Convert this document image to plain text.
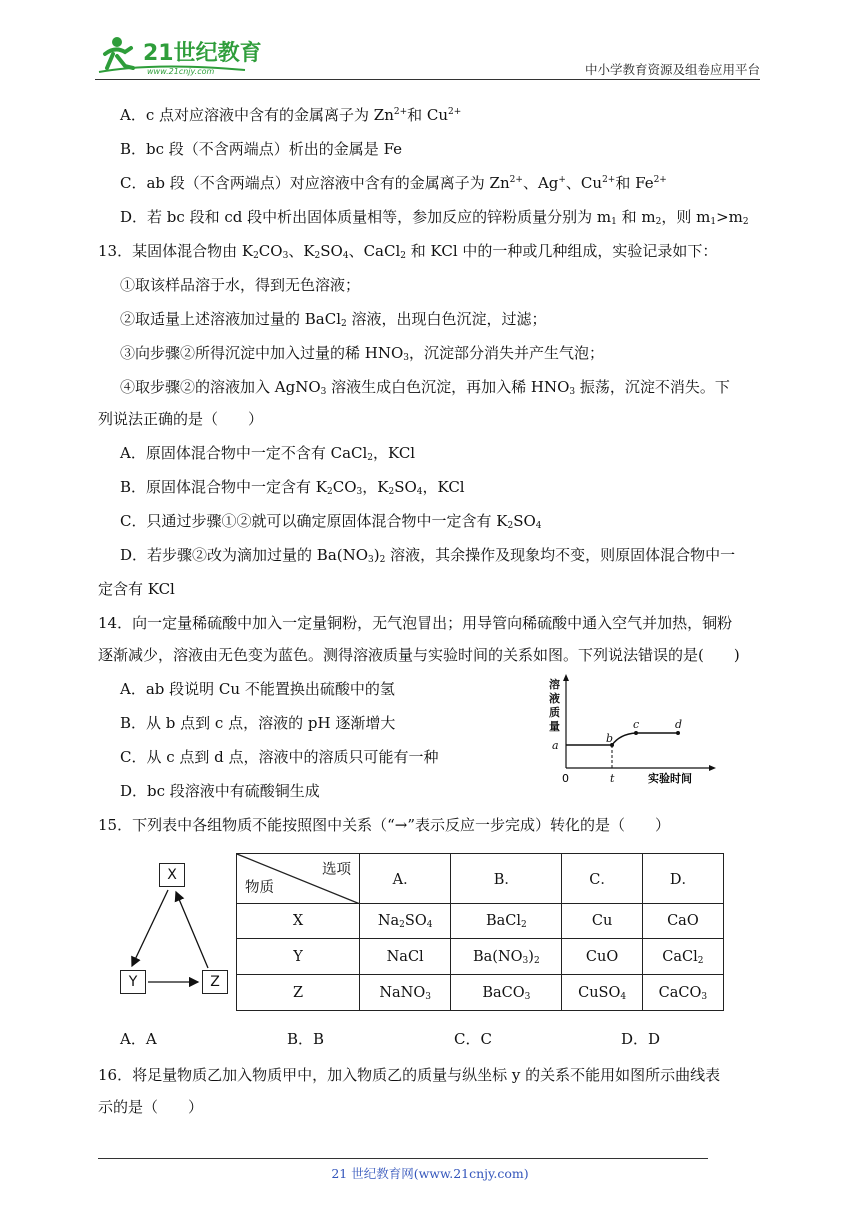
21世纪教育
www.21cnjy.com	中小学教育资源及组卷应用平台
A．c 点对应溶液中含有的金属离子为 $Zn^{2+}$和 $Cu^{2+}$
B．bc 段（不含两端点）析出的金属是 Fe
C．ab 段（不含两端点）对应溶液中含有的金属离子为 $Zn^{2+}$、Ag+、$Cu^{2+}$和 $Fe^{2+}$
D．若 bc 段和 cd 段中析出固体质量相等，参加反应的锌粉质量分别为 $m_1$ 和 $m_2$，则 $m_1>m_2$
13．某固体混合物由 $K_2CO_3$、$K_2SO_4$、CaCl$_2$ 和 KCl 中的一种或几种组成，实验记录如下：
①取该样品溶于水，得到无色溶液；
②取适量上述溶液加过量的 BaCl$_2$ 溶液，出现白色沉淀，过滤；
③向步骤②所得沉淀中加入过量的稀 $HNO_3$，沉淀部分消失并产生气泡；
④取步骤②的溶液加入 AgNO$_3$ 溶液生成白色沉淀，再加入稀 $HNO_3$ 振荡，沉淀不消失。下
列说法正确的是（　　）
A．原固体混合物中一定不含有 CaCl$_2$，KCl
B．原固体混合物中一定含有 $K_2CO_3$，$K_2SO_4$，KCl
C．只通过步骤①②就可以确定原固体混合物中一定含有 $K_2SO_4$
D．若步骤②改为滴加过量的 $Ba(NO_3)_2$ 溶液，其余操作及现象均不变，则原固体混合物中一
定含有 KCl
14．向一定量稀硫酸中加入一定量铜粉，无气泡冒出；用导管向稀硫酸中通入空气并加热，铜粉
逐渐减少，溶液由无色变为蓝色。测得溶液质量与实验时间的关系如图。下列说法错误的是(　　)
A．ab 段说明 Cu 不能置换出硫酸中的氢
B．从 b 点到 c 点，溶液的 pH 逐渐增大
C．从 c 点到 d 点，溶液中的溶质只可能有一种
D．bc 段溶液中有硫酸铜生成
溶
液
质
量
a
b
c	d
t
0	实验时间
15．下列表中各组物质不能按照图中关系（“→”表示反应一步完成）转化的是（　　）
X
Y	Z
选项
物质	A．	B．	C．	D．
X	$Na_2SO_4$	BaCl$_2$	Cu	CaO
Y	NaCl	$Ba(NO_3)_2$	CuO	CaCl$_2$
Z	NaNO$_3$	BaCO$_3$	CuSO$_4$	CaCO$_3$
A．A	B．B	C．C	D．D
16．将足量物质乙加入物质甲中，加入物质乙的质量与纵坐标 y 的关系不能用如图所示曲线表
示的是（　　）
21 世纪教育网(www.21cnjy.com)
